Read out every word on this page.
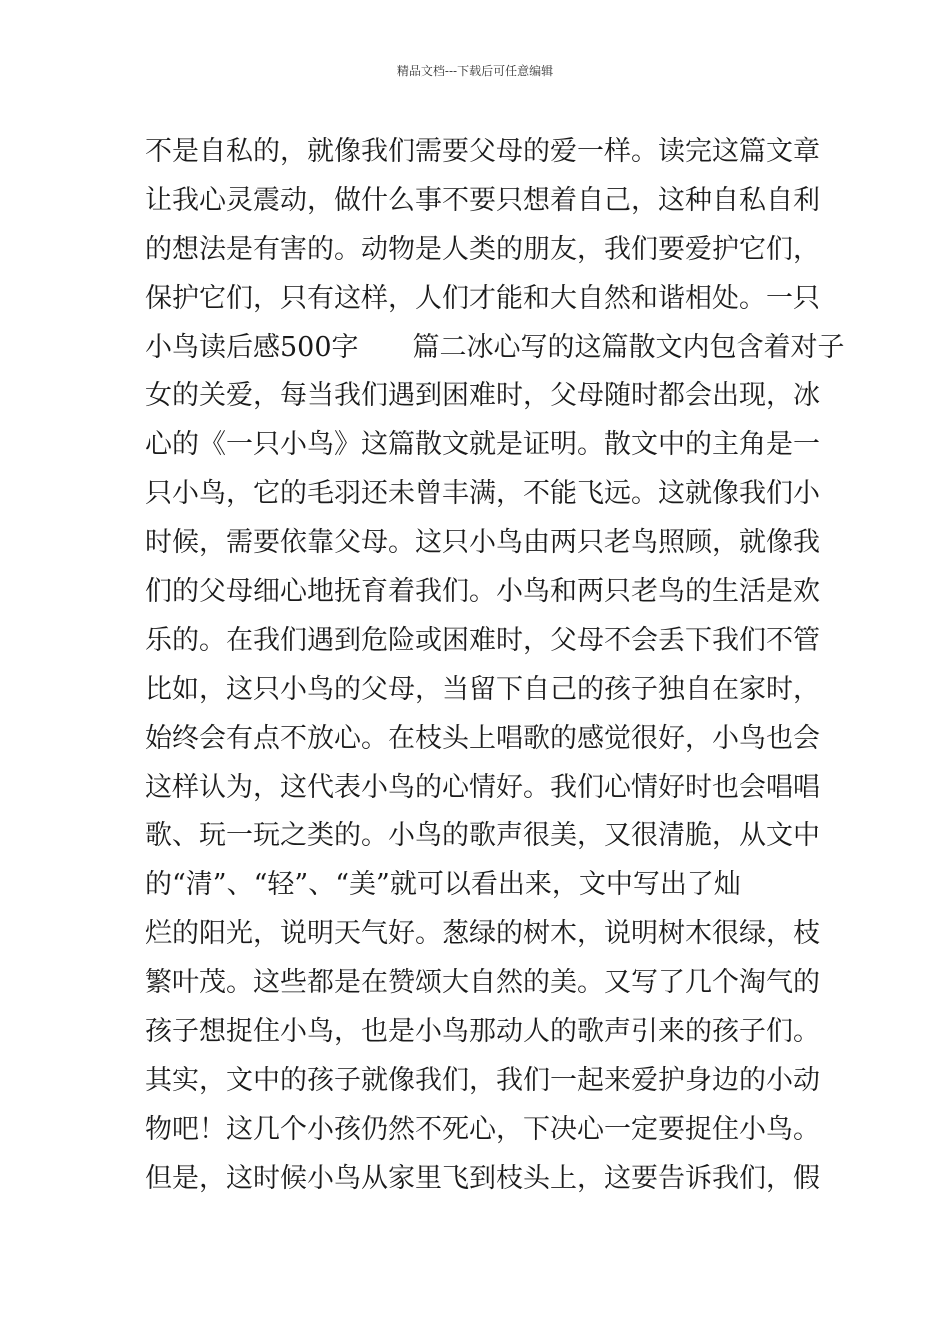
精品文档---下载后可任意编辑
不是自私的，就像我们需要父母的爱一样。读完这篇文章
让我心灵震动，做什么事不要只想着自己，这种自私自利
的想法是有害的。动物是人类的朋友，我们要爱护它们，
保护它们，只有这样，人们才能和大自然和谐相处。一只
小鸟读后感500字　　篇二冰心写的这篇散文内包含着对子
女的关爱，每当我们遇到困难时，父母随时都会出现，冰
心的《一只小鸟》这篇散文就是证明。散文中的主角是一
只小鸟，它的毛羽还未曾丰满，不能飞远。这就像我们小
时候，需要依靠父母。这只小鸟由两只老鸟照顾，就像我
们的父母细心地抚育着我们。小鸟和两只老鸟的生活是欢
乐的。在我们遇到危险或困难时，父母不会丢下我们不管
比如，这只小鸟的父母，当留下自己的孩子独自在家时，
始终会有点不放心。在枝头上唱歌的感觉很好，小鸟也会
这样认为，这代表小鸟的心情好。我们心情好时也会唱唱
歌、玩一玩之类的。小鸟的歌声很美，又很清脆，从文中
的“清”、“轻”、“美”就可以看出来，文中写出了灿
烂的阳光，说明天气好。葱绿的树木，说明树木很绿，枝
繁叶茂。这些都是在赞颂大自然的美。又写了几个淘气的
孩子想捉住小鸟，也是小鸟那动人的歌声引来的孩子们。
其实，文中的孩子就像我们，我们一起来爱护身边的小动
物吧！这几个小孩仍然不死心，下决心一定要捉住小鸟。
但是，这时候小鸟从家里飞到枝头上，这要告诉我们，假
